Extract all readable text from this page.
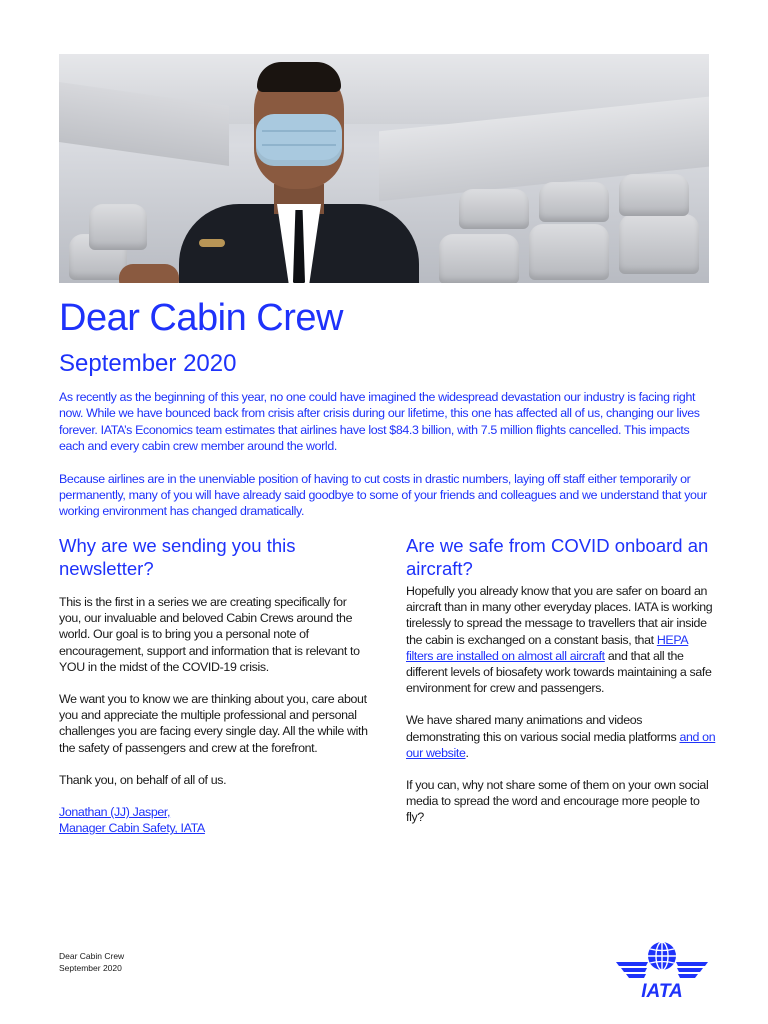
Dear Cabin Crew
September 2020

As recently as the beginning of this year, no one could have imagined the widespread devastation our industry is facing right now. While we have bounced back from crisis after crisis during our lifetime, this one has affected all of us, changing our lives forever. IATA’s Economics team estimates that airlines have lost $84.3 billion, with 7.5 million flights cancelled. This impacts each and every cabin crew member around the world.

Because airlines are in the unenviable position of having to cut costs in drastic numbers, laying off staff either temporarily or permanently, many of you will have already said goodbye to some of your friends and colleagues and we understand that your working environment has changed dramatically.

Why are we sending you this newsletter?

This is the first in a series we are creating specifically for you, our invaluable and beloved Cabin Crews around the world. Our goal is to bring you a personal note of encouragement, support and information that is relevant to YOU in the midst of the COVID-19 crisis.

We want you to know we are thinking about you, care about you and appreciate the multiple professional and personal challenges you are facing every single day. All the while with the safety of passengers and crew at the forefront.

Thank you, on behalf of all of us.

Jonathan (JJ) Jasper,
Manager Cabin Safety, IATA

Are we safe from COVID onboard an aircraft?

Hopefully you already know that you are safer on board an aircraft than in many other everyday places. IATA is working tirelessly to spread the message to travellers that air inside the cabin is exchanged on a constant basis, that HEPA filters are installed on almost all aircraft and that all the different levels of biosafety work towards maintaining a safe environment for crew and passengers.

We have shared many animations and videos demonstrating this on various social media platforms and on our website.

If you can, why not share some of them on your own social media to spread the word and encourage more people to fly?

Dear Cabin Crew
September 2020
IATA
